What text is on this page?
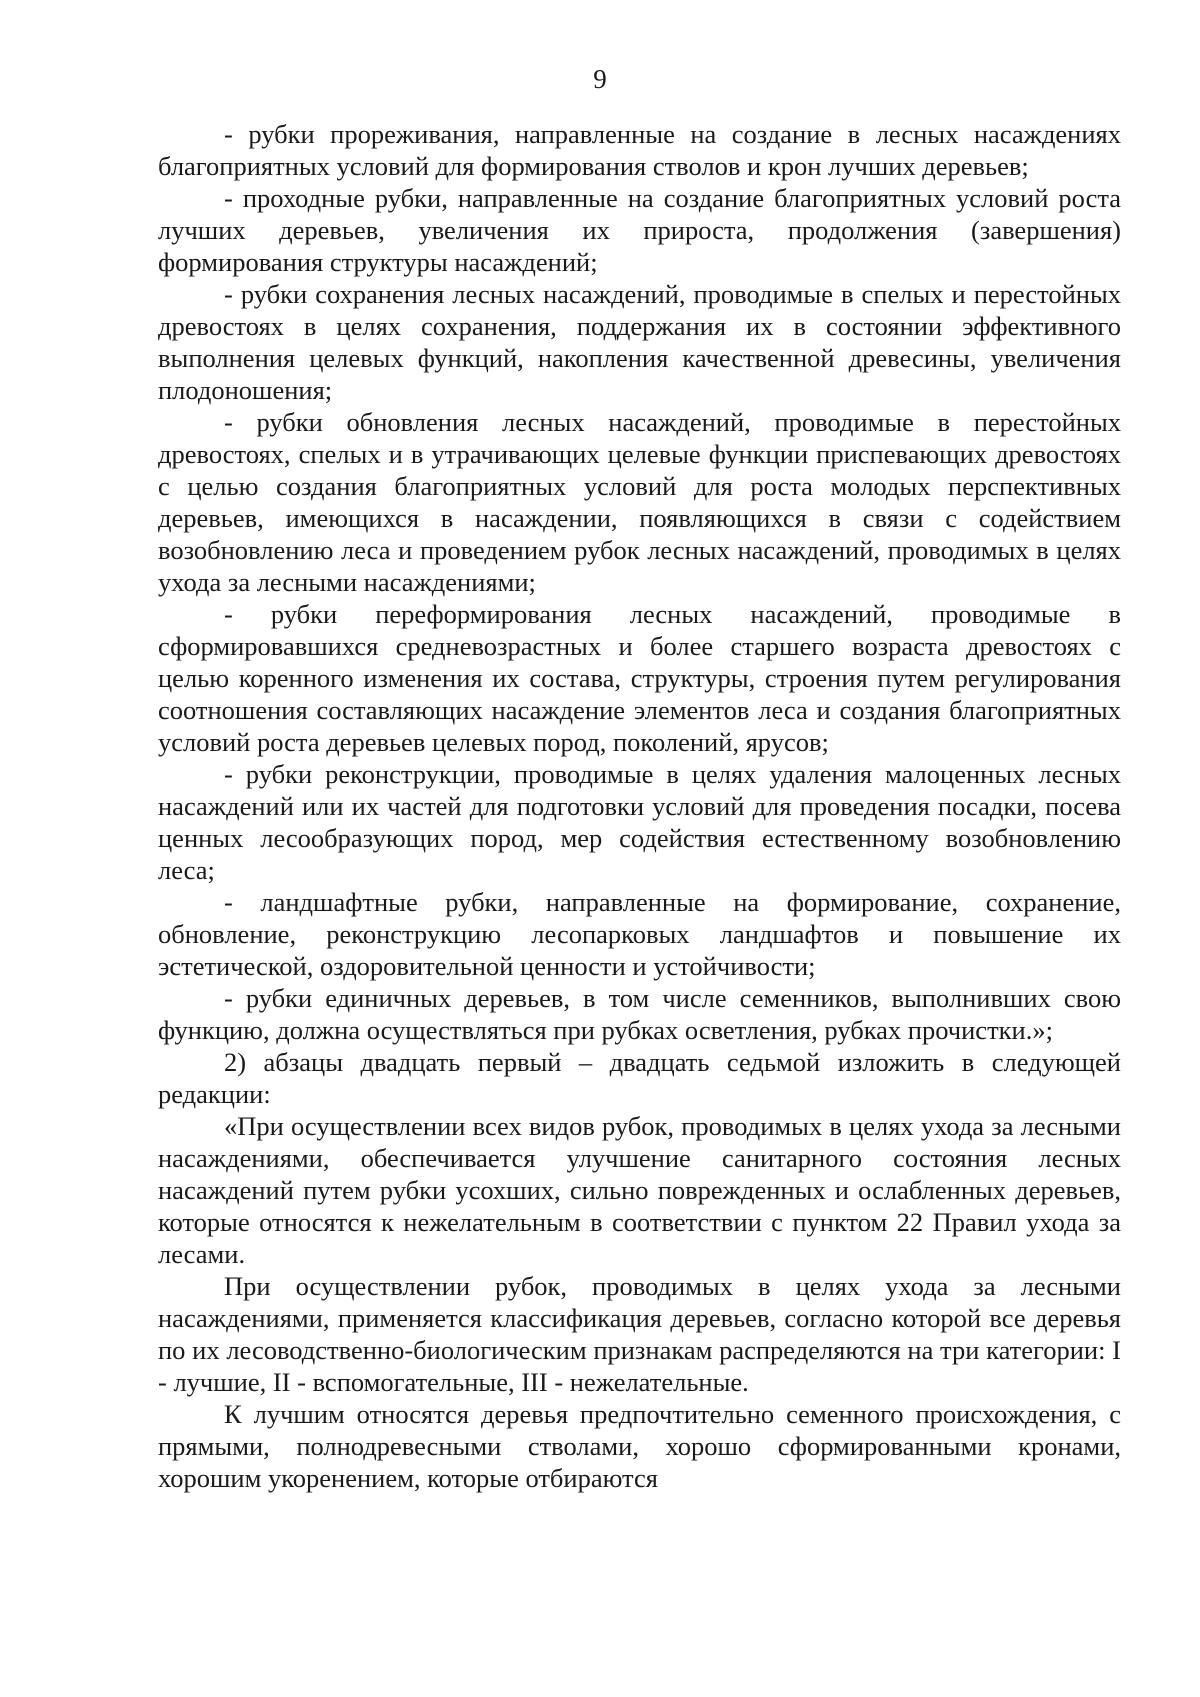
9

- рубки прореживания, направленные на создание в лесных насаждениях благоприятных условий для формирования стволов и крон лучших деревьев;

- проходные рубки, направленные на создание благоприятных условий роста лучших деревьев, увеличения их прироста, продолжения (завершения) формирования структуры насаждений;

- рубки сохранения лесных насаждений, проводимые в спелых и перестойных древостоях в целях сохранения, поддержания их в состоянии эффективного выполнения целевых функций, накопления качественной древесины, увеличения плодоношения;

- рубки обновления лесных насаждений, проводимые в перестойных древостоях, спелых и в утрачивающих целевые функции приспевающих древостоях с целью создания благоприятных условий для роста молодых перспективных деревьев, имеющихся в насаждении, появляющихся в связи с содействием возобновлению леса и проведением рубок лесных насаждений, проводимых в целях ухода за лесными насаждениями;

- рубки переформирования лесных насаждений, проводимые в сформировавшихся средневозрастных и более старшего возраста древостоях с целью коренного изменения их состава, структуры, строения путем регулирования соотношения составляющих насаждение элементов леса и создания благоприятных условий роста деревьев целевых пород, поколений, ярусов;

- рубки реконструкции, проводимые в целях удаления малоценных лесных насаждений или их частей для подготовки условий для проведения посадки, посева ценных лесообразующих пород, мер содействия естественному возобновлению леса;

- ландшафтные рубки, направленные на формирование, сохранение, обновление, реконструкцию лесопарковых ландшафтов и повышение их эстетической, оздоровительной ценности и устойчивости;

- рубки единичных деревьев, в том числе семенников, выполнивших свою функцию, должна осуществляться при рубках осветления, рубках прочистки.»;

2) абзацы двадцать первый – двадцать седьмой изложить в следующей редакции:

«При осуществлении всех видов рубок, проводимых в целях ухода за лесными насаждениями, обеспечивается улучшение санитарного состояния лесных насаждений путем рубки усохших, сильно поврежденных и ослабленных деревьев, которые относятся к нежелательным в соответствии с пунктом 22 Правил ухода за лесами.

При осуществлении рубок, проводимых в целях ухода за лесными насаждениями, применяется классификация деревьев, согласно которой все деревья по их лесоводственно-биологическим признакам распределяются на три категории: I - лучшие, II - вспомогательные, III - нежелательные.

К лучшим относятся деревья предпочтительно семенного происхождения, с прямыми, полнодревесными стволами, хорошо сформированными кронами, хорошим укоренением, которые отбираются
